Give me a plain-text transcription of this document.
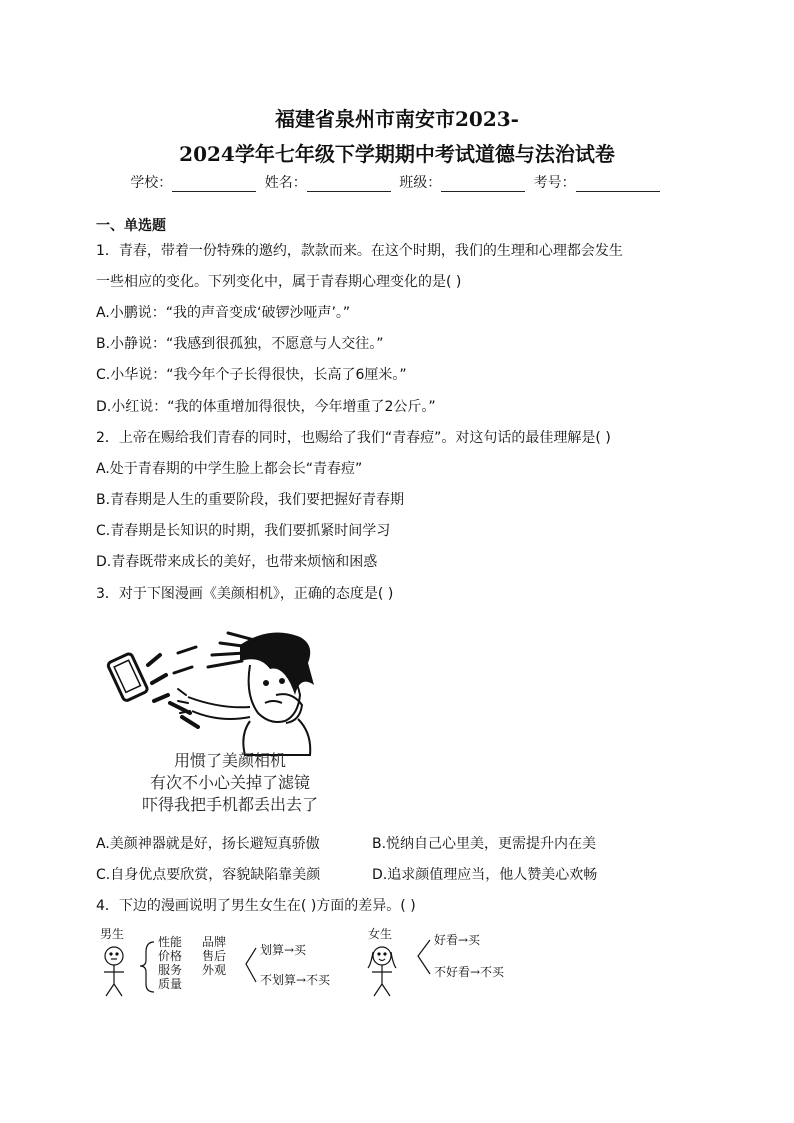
福建省泉州市南安市2023-
2024学年七年级下学期期中考试道德与法治试卷
学校：	姓名：	班级：	考号：
一、单选题
1．青春，带着一份特殊的邀约，款款而来。在这个时期，我们的生理和心理都会发生
一些相应的变化。下列变化中，属于青春期心理变化的是( )
A.小鹏说：“我的声音变成‘破锣沙哑声’。”
B.小静说：“我感到很孤独，不愿意与人交往。”
C.小华说：“我今年个子长得很快，长高了6厘米。”
D.小红说：“我的体重增加得很快，今年增重了2公斤。”
2．上帝在赐给我们青春的同时，也赐给了我们“青春痘”。对这句话的最佳理解是( )
A.处于青春期的中学生脸上都会长“青春痘”
B.青春期是人生的重要阶段，我们要把握好青春期
C.青春期是长知识的时期，我们要抓紧时间学习
D.青春既带来成长的美好，也带来烦恼和困惑
3．对于下图漫画《美颜相机》，正确的态度是( )
用惯了美颜相机
有次不小心关掉了滤镜
吓得我把手机都丢出去了
A.美颜神器就是好，扬长避短真骄傲	B.悦纳自己心里美，更需提升内在美
C.自身优点要欣赏，容貌缺陷靠美颜	D.追求颜值理应当，他人赞美心欢畅
4．下边的漫画说明了男生女生在( )方面的差异。( )
男生
性能
价格
服务
质量
品牌
售后
外观
划算→买
不划算→不买
女生	好看→买
不好看→不买
